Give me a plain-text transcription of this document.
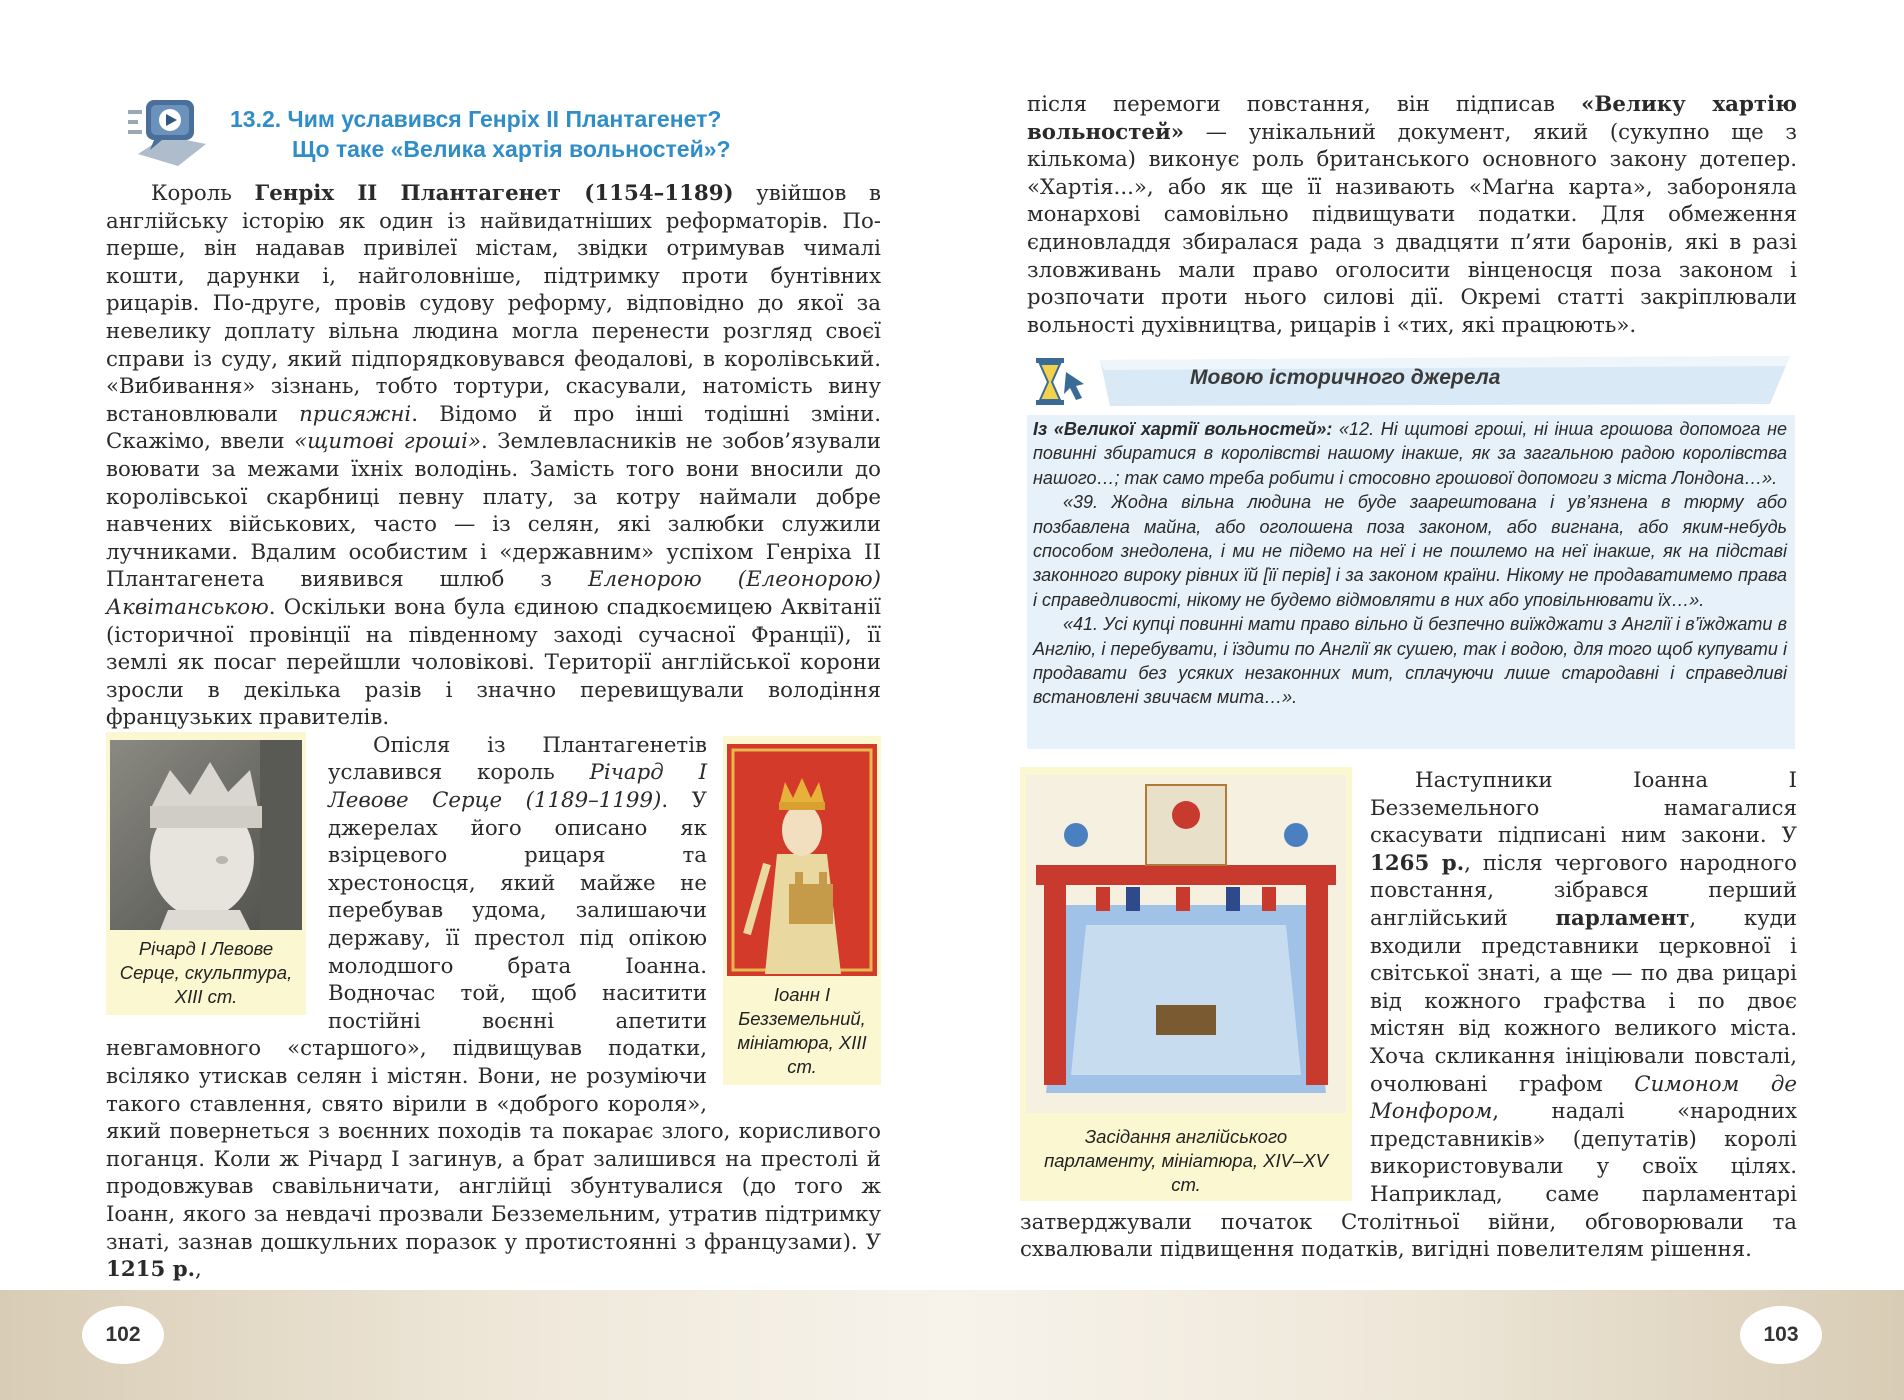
13.2. Чим уславився Генріх ІІ Плантагенет?
Що таке «Велика хартія вольностей»?

Король Генріх ІІ Плантагенет (1154–1189) увійшов в англійську історію як один із найвидатніших реформаторів. По-перше, він надавав привілеї містам, звідки отримував чималі кошти, дарунки і, найголовніше, підтримку проти бунтівних рицарів. По-друге, провів судову реформу, відповідно до якої за невелику доплату вільна людина могла перенести розгляд своєї справи із суду, який підпорядковувався феодалові, в королівський. «Вибивання» зізнань, тобто тортури, скасували, натомість вину встановлювали присяжні. Відомо й про інші тодішні зміни. Скажімо, ввели «щитові гроші». Землевласників не зобов’язували воювати за межами їхніх володінь. Замість того вони вносили до королівської скарбниці певну плату, за котру наймали добре навчених військових, часто — із селян, які залюбки служили лучниками. Вдалим особистим і «державним» успіхом Генріха ІІ Плантагенета виявився шлюб з Еленорою (Елеонорою) Аквітанською. Оскільки вона була єдиною спадкоємицею Аквітанії (історичної провінції на південному заході сучасної Франції), її землі як посаг перейшли чоловікові. Території англійської корони зросли в декілька разів і значно перевищували володіння французьких правителів.

Річард І Левове Серце, скульптура, XIII ст.	Іоанн І Безземельний, мініатюра, XIII ст.

Опісля із Плантагенетів уславився король Річард І Левове Серце (1189–1199). У джерелах його описано як взірцевого рицаря та хрестоносця, який майже не перебував удома, залишаючи державу, її престол під опікою молодшого брата Іоанна. Водночас той, щоб наситити постійні воєнні апетити невгамовного «старшого», підвищував податки, всіляко утискав селян і містян. Вони, не розуміючи такого ставлення, свято вірили в «доброго короля», який повернеться з воєнних походів та покарає злого, корисливого поганця. Коли ж Річард І загинув, а брат залишився на престолі й продовжував свавільничати, англійці збунтувалися (до того ж Іоанн, якого за невдачі прозвали Безземельним, утратив підтримку знаті, зазнав дошкульних поразок у протистоянні з французами). У 1215 р.,

102	103

після перемоги повстання, він підписав «Велику хартію вольностей» — унікальний документ, який (сукупно ще з кількома) виконує роль британського основного закону дотепер. «Хартія...», або як ще її називають «Маґна карта», забороняла монархові самовільно підвищувати податки. Для обмеження єдиновладдя збиралася рада з двадцяти п’яти баронів, які в разі зловживань мали право оголосити вінценосця поза законом і розпочати проти нього силові дії. Окремі статті закріплювали вольності духівництва, рицарів і «тих, які працюють».

Мовою історичного джерела

Із «Великої хартії вольностей»: «12. Ні щитові гроші, ні інша грошова допомога не повинні збиратися в королівстві нашому інакше, як за загальною радою королівства нашого…; так само треба робити і стосовно грошової допомоги з міста Лондона…».

«39. Жодна вільна людина не буде заарештована і ув’язнена в тюрму або позбавлена майна, або оголошена поза законом, або вигнана, або яким-небудь способом знедолена, і ми не підемо на неї і не пошлемо на неї інакше, як на підставі законного вироку рівних їй [її перів] і за законом країни. Нікому не продаватимемо права і справедливості, нікому не будемо відмовляти в них або уповільнювати їх…».

«41. Усі купці повинні мати право вільно й безпечно виїжджати з Англії і в’їжджати в Англію, і перебувати, і їздити по Англії як сушею, так і водою, для того щоб купувати і продавати без усяких незаконних мит, сплачуючи лише стародавні і справедливі встановлені звичаєм мита…».

Засідання англійського парламенту, мініатюра, XIV–XV ст.

Наступники Іоанна І Безземельного намагалися скасувати підписані ним закони. У 1265 р., після чергового народного повстання, зібрався перший англійський парламент, куди входили представники церковної і світської знаті, а ще — по два рицарі від кожного графства і по двоє містян від кожного великого міста. Хоча скликання ініціювали повсталі, очолювані графом Симоном де Монфором, надалі «народних представників» (депутатів) королі використовували у своїх цілях. Наприклад, саме парламентарі затверджували початок Столітньої війни, обговорювали та схвалювали підвищення податків, вигідні повелителям рішення.
